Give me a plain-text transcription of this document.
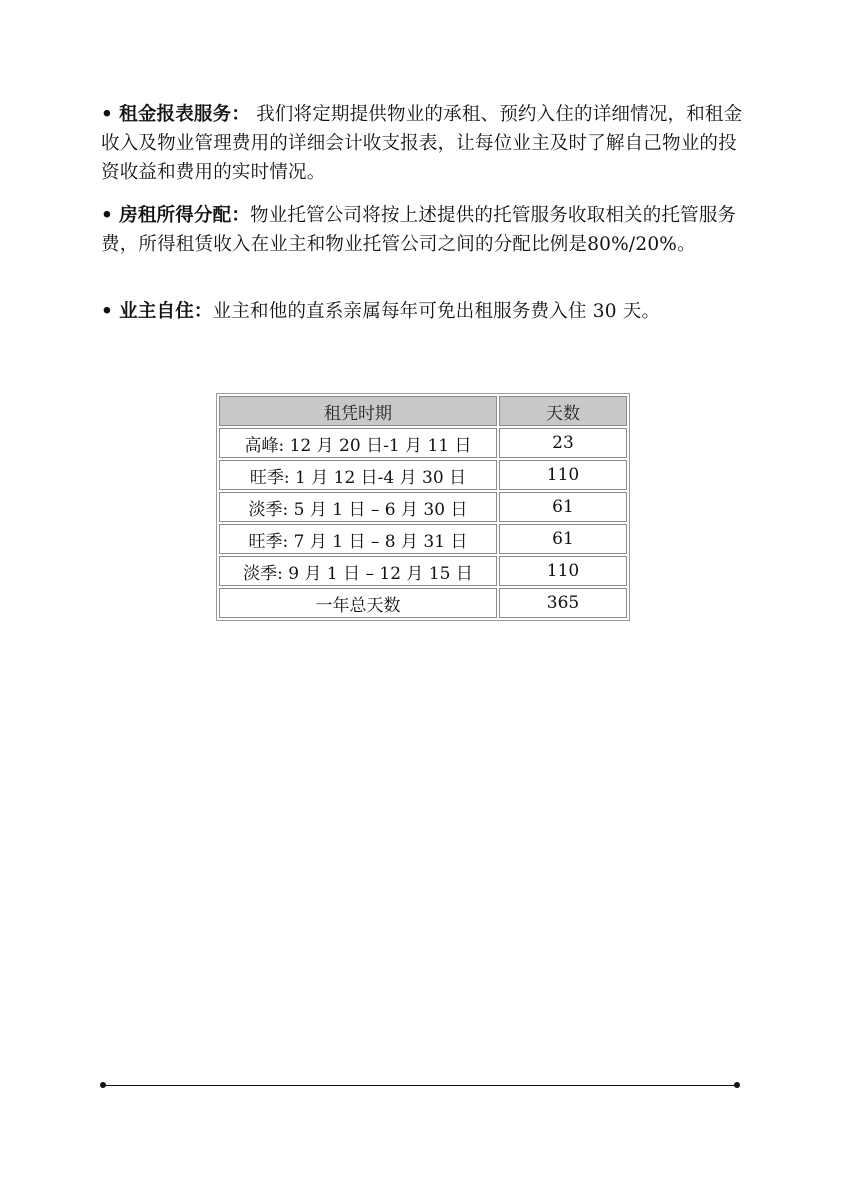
• 租金报表服务： 我们将定期提供物业的承租、预约入住的详细情况，和租金收入及物业管理费用的详细会计收支报表，让每位业主及时了解自己物业的投资收益和费用的实时情况。
• 房租所得分配：物业托管公司将按上述提供的托管服务收取相关的托管服务费，所得租赁收入在业主和物业托管公司之间的分配比例是80%/20%。
• 业主自住：业主和他的直系亲属每年可免出租服务费入住 30 天。
租凭时期	天数
高峰: 12 月 20 日-1 月 11 日	23
旺季: 1 月 12 日-4 月 30 日	110
淡季: 5 月 1 日 – 6 月 30 日	61
旺季: 7 月 1 日 – 8 月 31 日	61
淡季: 9 月 1 日 – 12 月 15 日	110
一年总天数	365
